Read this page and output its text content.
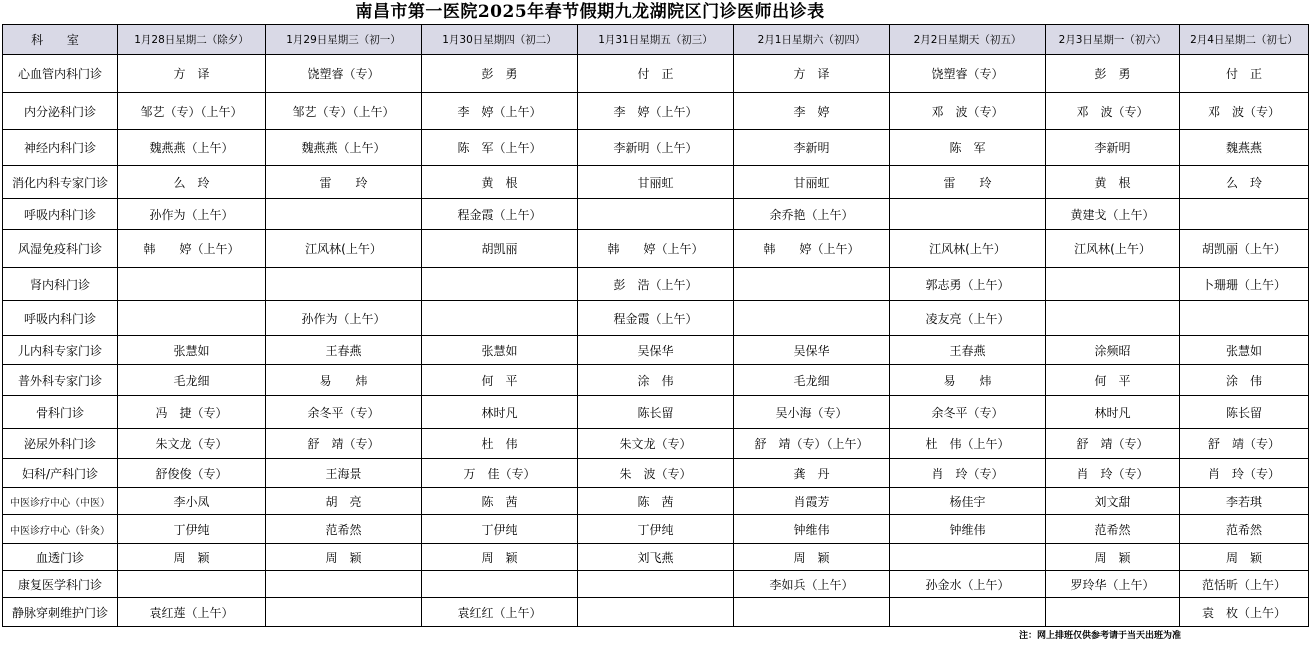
南昌市第一医院2025年春节假期九龙湖院区门诊医师出诊表
科 室	1月28日星期二（除夕）	1月29日星期三（初一）	1月30日星期四（初二）	1月31日星期五（初三）	2月1日星期六（初四）	2月2日星期天（初五）	2月3日星期一（初六）	2月4日星期二（初七）
心血管内科门诊	方　译	饶塑睿（专）	彭　勇	付　正	方　译	饶塑睿（专）	彭　勇	付　正
内分泌科门诊	邹艺（专）（上午）	邹艺（专）（上午）	李　婷（上午）	李　婷（上午）	李　婷	邓　波（专）	邓　波（专）	邓　波（专）
神经内科门诊	魏燕燕（上午）	魏燕燕（上午）	陈　军（上午）	李新明（上午）	李新明	陈　军	李新明	魏燕燕
消化内科专家门诊	么　玲	雷　　玲	黄　根	甘丽虹	甘丽虹	雷　　玲	黄　根	么　玲
呼吸内科门诊	孙作为（上午）		程金霞（上午）		余乔艳（上午）		黄建戈（上午）	
风湿免疫科门诊	韩　　婷（上午）	江风林(上午）	胡凯丽	韩　　婷（上午）	韩　　婷（上午）	江风林(上午）	江风林(上午）	胡凯丽（上午）
肾内科门诊				彭　浩（上午）		郭志勇（上午）		卜珊珊（上午）
呼吸内科门诊		孙作为（上午）		程金霞（上午）		凌友亮（上午）		
儿内科专家门诊	张慧如	王春燕	张慧如	吴保华	吴保华	王春燕	涂频昭	张慧如
普外科专家门诊	毛龙细	易　　炜	何　平	涂　伟	毛龙细	易　　炜	何　平	涂　伟
骨科门诊	冯　捷（专）	余冬平（专）	林时凡	陈长留	吴小海（专）	余冬平（专）	林时凡	陈长留
泌尿外科门诊	朱文龙（专）	舒　靖（专）	杜　伟	朱文龙（专）	舒　靖（专）（上午）	杜　伟（上午）	舒　靖（专）	舒　靖（专）
妇科/产科门诊	舒俊俊（专）	王海景	万　佳（专）	朱　波（专）	龚　丹	肖　玲（专）	肖　玲（专）	肖　玲（专）
中医诊疗中心（中医）	李小凤	胡　亮	陈　茜	陈　茜	肖霞芳	杨佳宇	刘文甜	李若琪
中医诊疗中心（针灸）	丁伊纯	范希然	丁伊纯	丁伊纯	钟维伟	钟维伟	范希然	范希然
血透门诊	周　颖	周　颖	周　颖	刘飞燕	周　颖		周　颖	周　颖
康复医学科门诊					李如兵（上午）	孙金水（上午）	罗玲华（上午）	范恬昕（上午）
静脉穿刺维护门诊	袁红莲（上午）		袁红红（上午）					袁　枚（上午）
注：网上排班仅供参考请于当天出班为准
